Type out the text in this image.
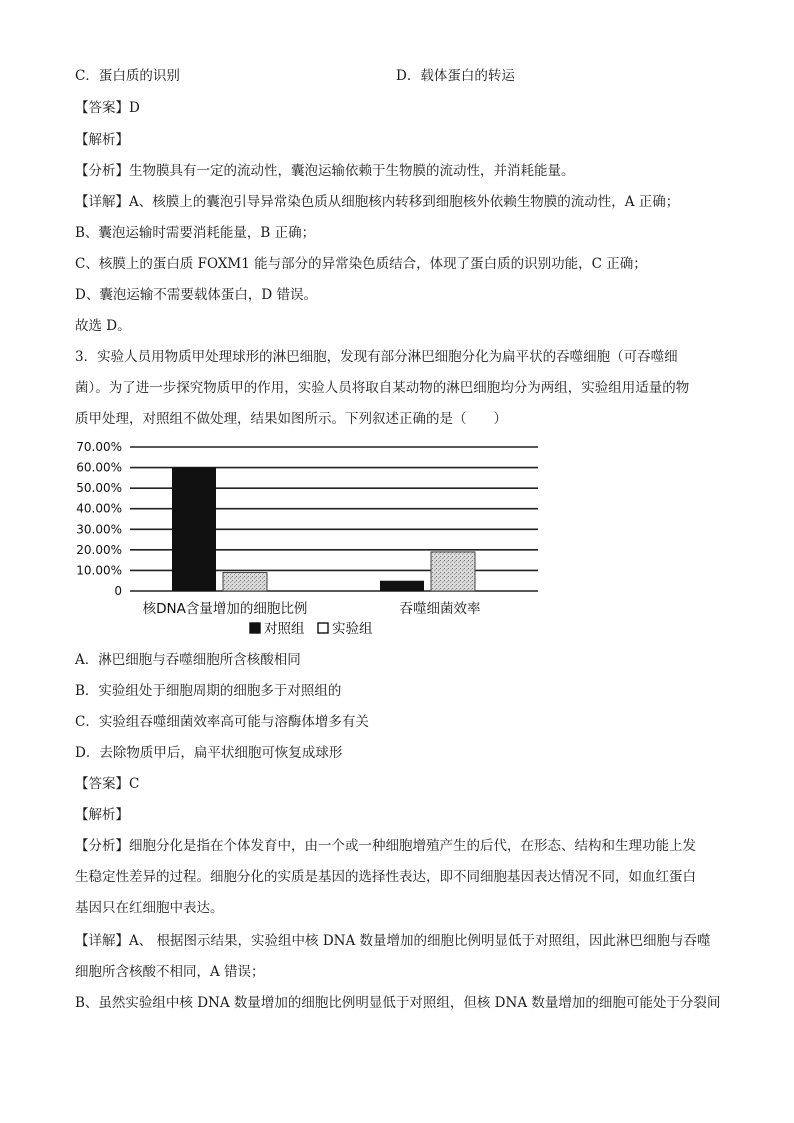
C．蛋白质的识别	D．载体蛋白的转运
【答案】D
【解析】
【分析】生物膜具有一定的流动性，囊泡运输依赖于生物膜的流动性，并消耗能量。
【详解】A、核膜上的囊泡引导异常染色质从细胞核内转移到细胞核外依赖生物膜的流动性，A 正确；
B、囊泡运输时需要消耗能量，B 正确；
C、核膜上的蛋白质 FOXM1 能与部分的异常染色质结合，体现了蛋白质的识别功能，C 正确；
D、囊泡运输不需要载体蛋白，D 错误。
故选 D。
3．实验人员用物质甲处理球形的淋巴细胞，发现有部分淋巴细胞分化为扁平状的吞噬细胞（可吞噬细
菌）。为了进一步探究物质甲的作用，实验人员将取自某动物的淋巴细胞均分为两组，实验组用适量的物
质甲处理，对照组不做处理，结果如图所示。下列叙述正确的是（　　）
0
10.00%
20.00%
30.00%
40.00%
50.00%
60.00%
70.00%
核DNA含量增加的细胞比例	吞噬细菌效率
对照组 实验组
A．淋巴细胞与吞噬细胞所含核酸相同
B．实验组处于细胞周期的细胞多于对照组的
C．实验组吞噬细菌效率高可能与溶酶体增多有关
D．去除物质甲后，扁平状细胞可恢复成球形
【答案】C
【解析】
【分析】细胞分化是指在个体发育中，由一个或一种细胞增殖产生的后代，在形态、结构和生理功能上发
生稳定性差异的过程。细胞分化的实质是基因的选择性表达，即不同细胞基因表达情况不同，如血红蛋白
基因只在红细胞中表达。
【详解】A、 根据图示结果，实验组中核 DNA 数量增加的细胞比例明显低于对照组，因此淋巴细胞与吞噬
细胞所含核酸不相同，A 错误；
B、虽然实验组中核 DNA 数量增加的细胞比例明显低于对照组，但核 DNA 数量增加的细胞可能处于分裂间
